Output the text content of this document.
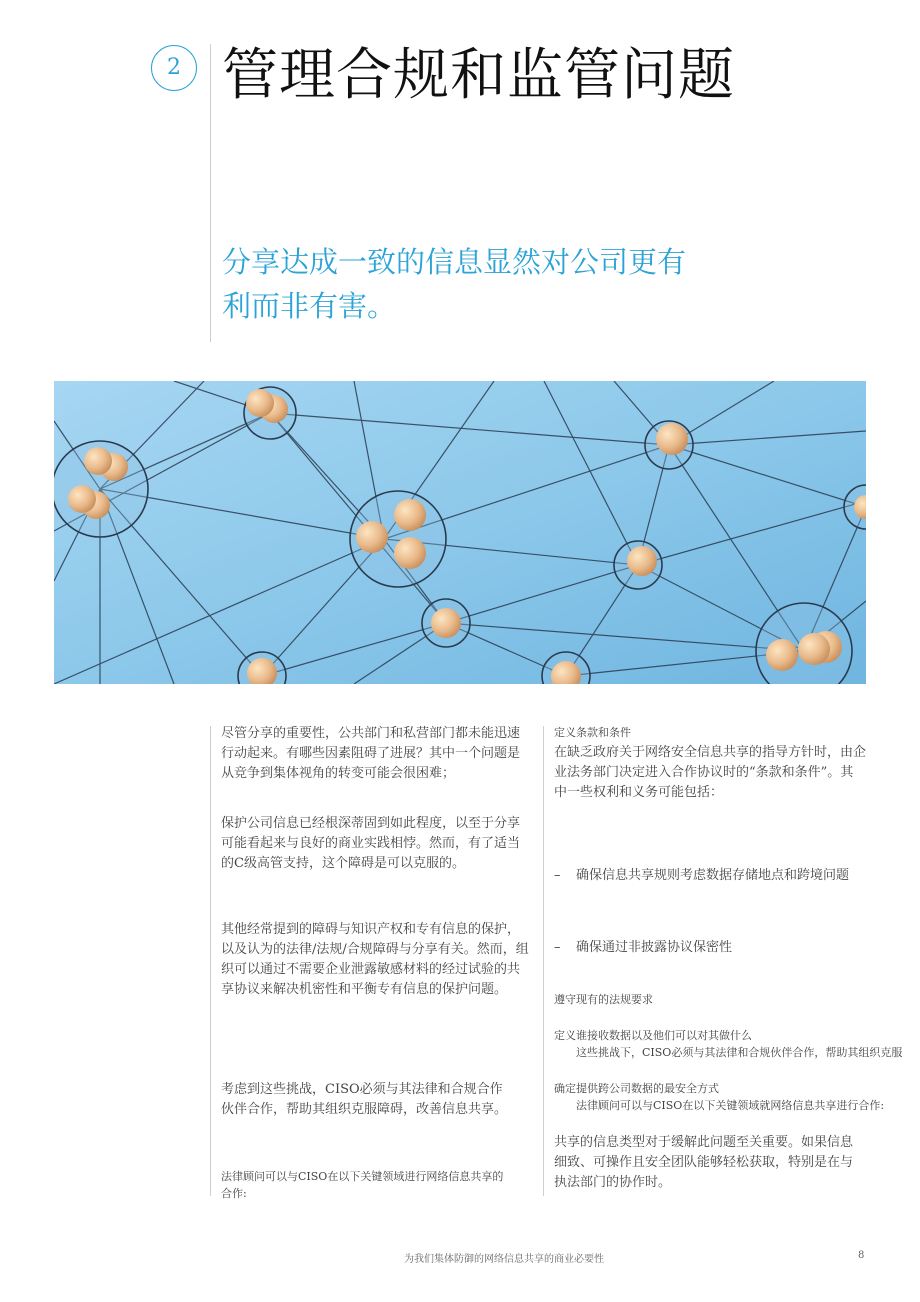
2 管理合规和监管问题
分享达成一致的信息显然对公司更有利而非有害。
尽管分享的重要性，公共部门和私营部门都未能迅速行动起来。有哪些因素阻碍了进展？其中一个问题是从竞争到集体视角的转变可能会很困难；
保护公司信息已经根深蒂固到如此程度，以至于分享可能看起来与良好的商业实践相悖。然而，有了适当的C级高管支持，这个障碍是可以克服的。
其他经常提到的障碍与知识产权和专有信息的保护，以及认为的法律/法规/合规障碍与分享有关。然而，组织可以通过不需要企业泄露敏感材料的经过试验的共享协议来解决机密性和平衡专有信息的保护问题。
考虑到这些挑战，CISO必须与其法律和合规合作伙伴合作，帮助其组织克服障碍，改善信息共享。
法律顾问可以与CISO在以下关键领域进行网络信息共享的合作:
定义条款和条件
在缺乏政府关于网络安全信息共享的指导方针时，由企业法务部门决定进入合作协议时的“条款和条件”。其中一些权利和义务可能包括：
–	确保信息共享规则考虑数据存储地点和跨境问题
–	确保通过非披露协议保密性
遵守现有的法规要求
定义谁接收数据以及他们可以对其做什么
这些挑战下，CISO必须与其法律和合规伙伴合作，帮助其组织克服
确定提供跨公司数据的最安全方式
法律顾问可以与CISO在以下关键领域就网络信息共享进行合作:
共享的信息类型对于缓解此问题至关重要。如果信息细致、可操作且安全团队能够轻松获取，特别是在与执法部门的协作时。
为我们集体防御的网络信息共享的商业必要性	8
